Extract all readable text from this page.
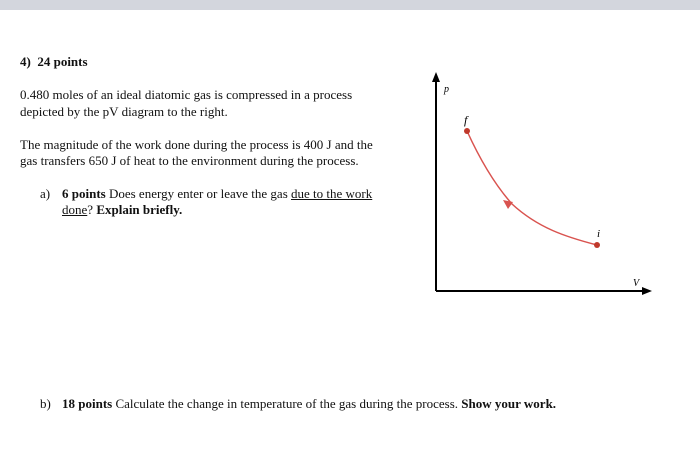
4) 24 points
0.480 moles of an ideal diatomic gas is compressed in a process
depicted by the pV diagram to the right.
The magnitude of the work done during the process is 400 J and the
gas transfers 650 J of heat to the environment during the process.
a) 6 points Does energy enter or leave the gas due to the work
done? Explain briefly.
b) 18 points Calculate the change in temperature of the gas during the process. Show your work.
p
V
f
i
